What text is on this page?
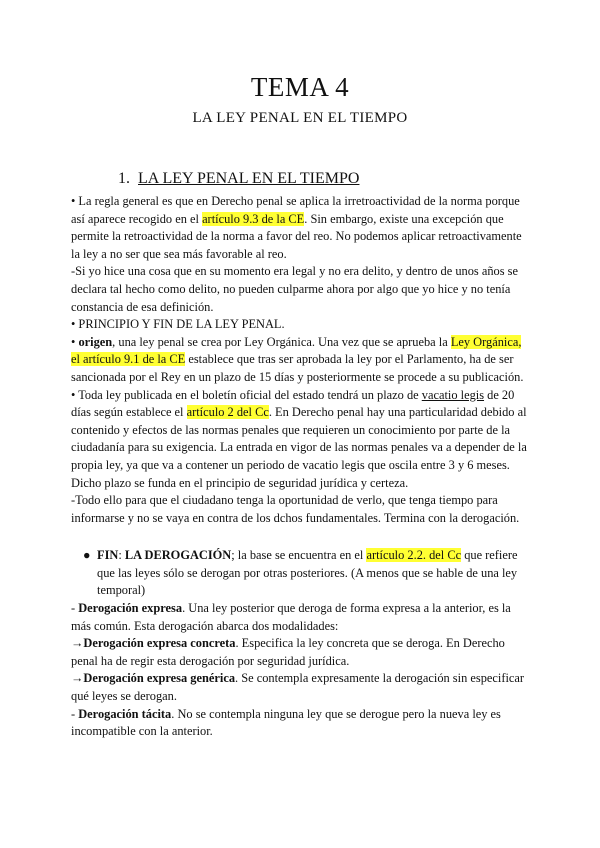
TEMA 4
LA LEY PENAL EN EL TIEMPO
1. LA LEY PENAL EN EL TIEMPO

• La regla general es que en Derecho penal se aplica la irretroactividad de la norma porque así aparece recogido en el artículo 9.3 de la CE. Sin embargo, existe una excepción que permite la retroactividad de la norma a favor del reo. No podemos aplicar retroactivamente la ley a no ser que sea más favorable al reo.

-Si yo hice una cosa que en su momento era legal y no era delito, y dentro de unos años se declara tal hecho como delito, no pueden culparme ahora por algo que yo hice y no tenía constancia de esa definición.

• PRINCIPIO Y FIN DE LA LEY PENAL.

• origen, una ley penal se crea por Ley Orgánica. Una vez que se aprueba la Ley Orgánica, el artículo 9.1 de la CE establece que tras ser aprobada la ley por el Parlamento, ha de ser sancionada por el Rey en un plazo de 15 días y posteriormente se procede a su publicación.

• Toda ley publicada en el boletín oficial del estado tendrá un plazo de vacatio legis de 20 días según establece el artículo 2 del Cc. En Derecho penal hay una particularidad debido al contenido y efectos de las normas penales que requieren un conocimiento por parte de la ciudadanía para su exigencia. La entrada en vigor de las normas penales va a depender de la propia ley, ya que va a contener un periodo de vacatio legis que oscila entre 3 y 6 meses. Dicho plazo se funda en el principio de seguridad jurídica y certeza.

-Todo ello para que el ciudadano tenga la oportunidad de verlo, que tenga tiempo para informarse y no se vaya en contra de los dchos fundamentales. Termina con la derogación.

● FIN: LA DEROGACIÓN; la base se encuentra en el artículo 2.2. del Cc que refiere que las leyes sólo se derogan por otras posteriores. (A menos que se hable de una ley temporal)

- Derogación expresa. Una ley posterior que deroga de forma expresa a la anterior, es la más común. Esta derogación abarca dos modalidades:

→Derogación expresa concreta. Especifica la ley concreta que se deroga. En Derecho penal ha de regir esta derogación por seguridad jurídica.

→Derogación expresa genérica. Se contempla expresamente la derogación sin especificar qué leyes se derogan.

- Derogación tácita. No se contempla ninguna ley que se derogue pero la nueva ley es incompatible con la anterior.
